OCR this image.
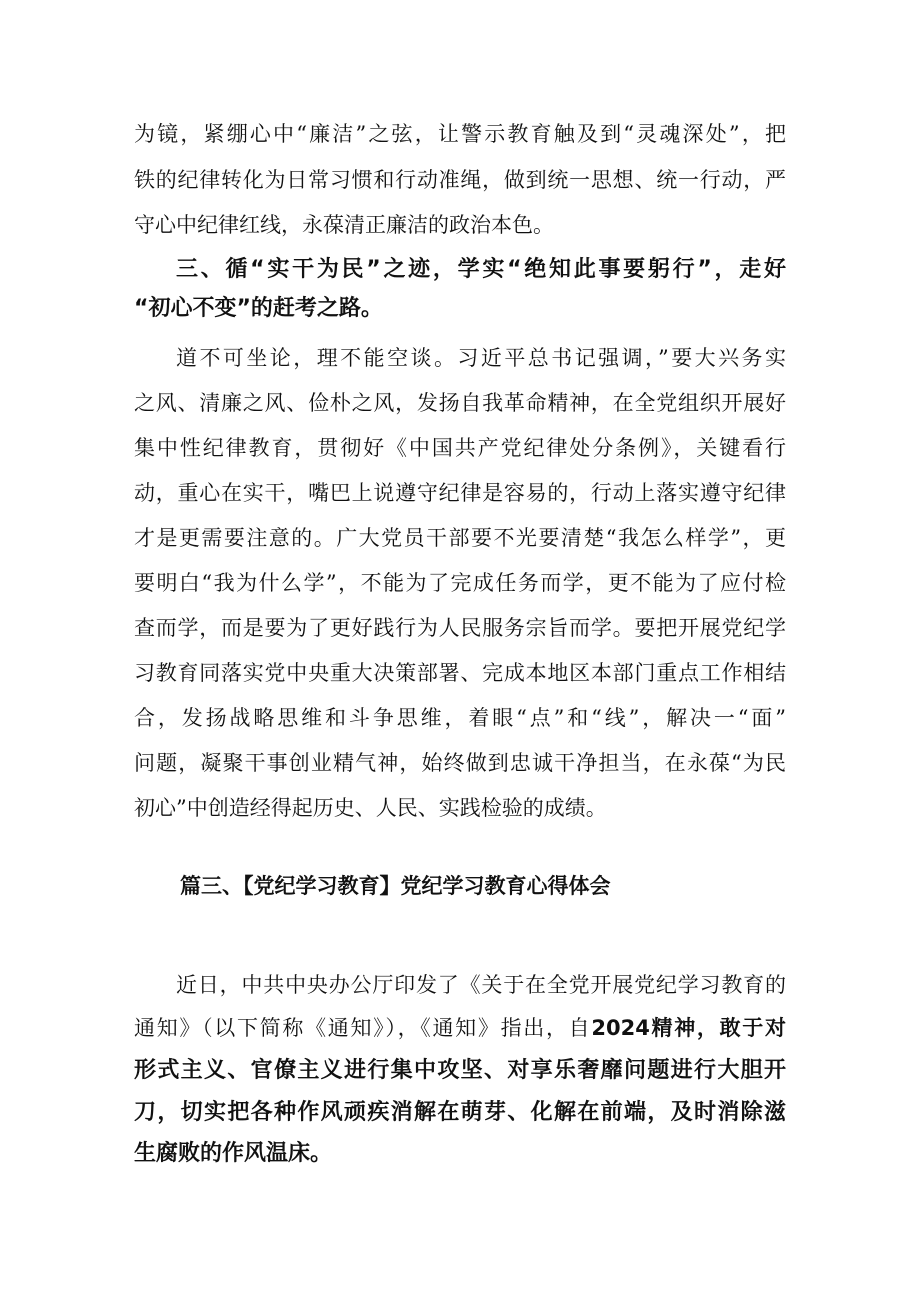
为镜，紧绷心中“廉洁”之弦，让警示教育触及到“灵魂深处”，把
铁的纪律转化为日常习惯和行动准绳，做到统一思想、统一行动，严
守心中纪律红线，永葆清正廉洁的政治本色。
三、循“实干为民”之迹，学实“绝知此事要躬行”，走好
“初心不变”的赶考之路。
道不可坐论，理不能空谈。习近平总书记强调，”要大兴务实
之风、清廉之风、俭朴之风，发扬自我革命精神，在全党组织开展好
集中性纪律教育，贯彻好《中国共产党纪律处分条例》，关键看行
动，重心在实干，嘴巴上说遵守纪律是容易的，行动上落实遵守纪律
才是更需要注意的。广大党员干部要不光要清楚“我怎么样学”，更
要明白“我为什么学”，不能为了完成任务而学，更不能为了应付检
查而学，而是要为了更好践行为人民服务宗旨而学。要把开展党纪学
习教育同落实党中央重大决策部署、完成本地区本部门重点工作相结
合，发扬战略思维和斗争思维，着眼“点”和“线”，解决一“面”
问题，凝聚干事创业精气神，始终做到忠诚干净担当，在永葆“为民
初心”中创造经得起历史、人民、实践检验的成绩。
篇三、【党纪学习教育】党纪学习教育心得体会
近日，中共中央办公厅印发了《关于在全党开展党纪学习教育的
通知》（以下简称《通知》），《通知》指出，自2024精神，敢于对
形式主义、官僚主义进行集中攻坚、对享乐奢靡问题进行大胆开
刀，切实把各种作风顽疾消解在萌芽、化解在前端，及时消除滋
生腐败的作风温床。
